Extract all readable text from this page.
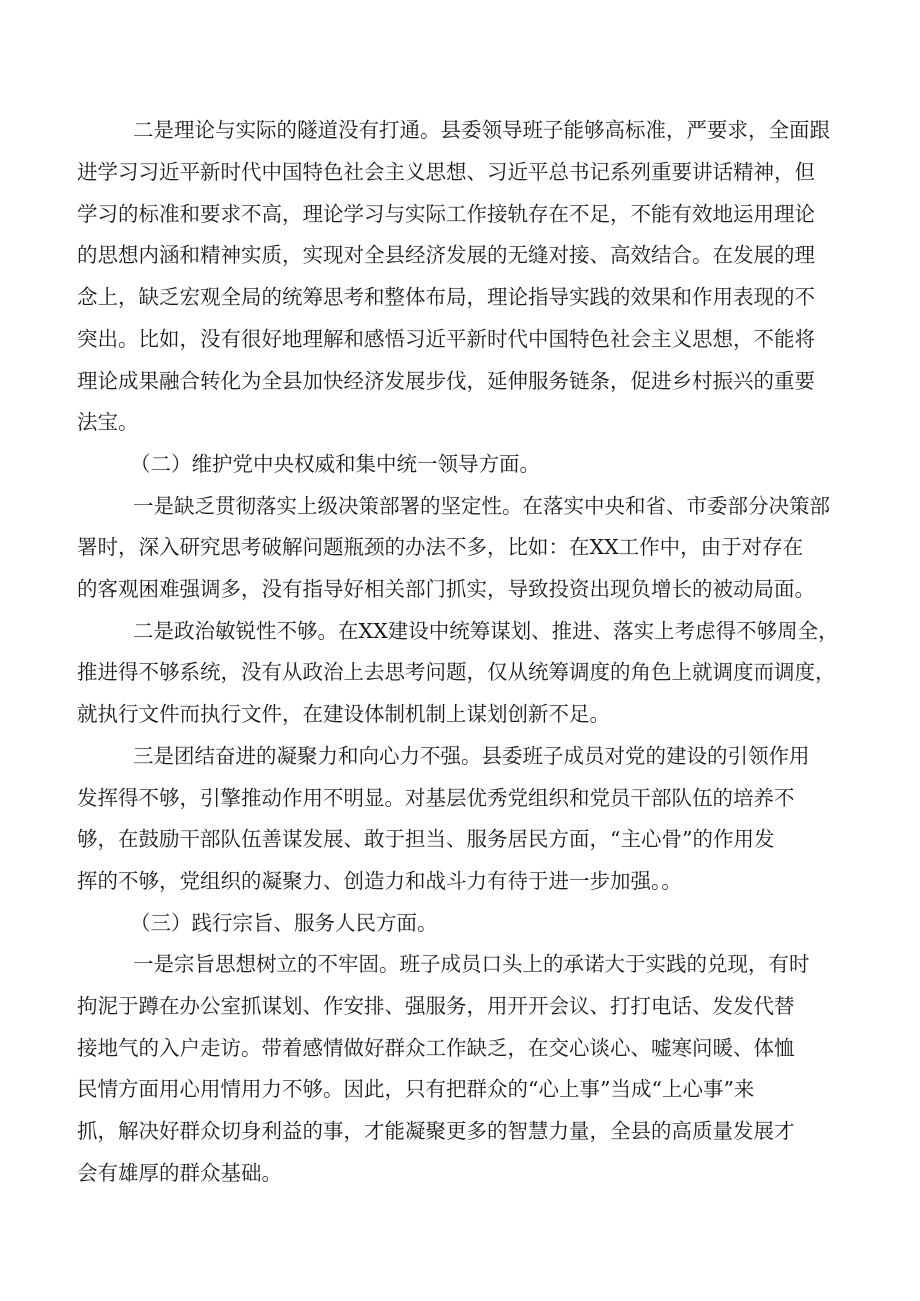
二是理论与实际的隧道没有打通。县委领导班子能够高标准，严要求，全面跟
进学习习近平新时代中国特色社会主义思想、习近平总书记系列重要讲话精神，但
学习的标准和要求不高，理论学习与实际工作接轨存在不足，不能有效地运用理论
的思想内涵和精神实质，实现对全县经济发展的无缝对接、高效结合。在发展的理
念上，缺乏宏观全局的统筹思考和整体布局，理论指导实践的效果和作用表现的不
突出。比如，没有很好地理解和感悟习近平新时代中国特色社会主义思想，不能将
理论成果融合转化为全县加快经济发展步伐，延伸服务链条，促进乡村振兴的重要
法宝。
（二）维护党中央权威和集中统一领导方面。
一是缺乏贯彻落实上级决策部署的坚定性。在落实中央和省、市委部分决策部
署时，深入研究思考破解问题瓶颈的办法不多，比如：在XX工作中，由于对存在
的客观困难强调多，没有指导好相关部门抓实，导致投资出现负增长的被动局面。
二是政治敏锐性不够。在XX建设中统筹谋划、推进、落实上考虑得不够周全，
推进得不够系统，没有从政治上去思考问题，仅从统筹调度的角色上就调度而调度，
就执行文件而执行文件，在建设体制机制上谋划创新不足。
三是团结奋进的凝聚力和向心力不强。县委班子成员对党的建设的引领作用
发挥得不够，引擎推动作用不明显。对基层优秀党组织和党员干部队伍的培养不
够，在鼓励干部队伍善谋发展、敢于担当、服务居民方面，“主心骨”的作用发
挥的不够，党组织的凝聚力、创造力和战斗力有待于进一步加强。。
（三）践行宗旨、服务人民方面。
一是宗旨思想树立的不牢固。班子成员口头上的承诺大于实践的兑现，有时
拘泥于蹲在办公室抓谋划、作安排、强服务，用开开会议、打打电话、发发代替
接地气的入户走访。带着感情做好群众工作缺乏，在交心谈心、嘘寒问暖、体恤
民情方面用心用情用力不够。因此，只有把群众的“心上事”当成“上心事”来
抓，解决好群众切身利益的事，才能凝聚更多的智慧力量，全县的高质量发展才
会有雄厚的群众基础。
